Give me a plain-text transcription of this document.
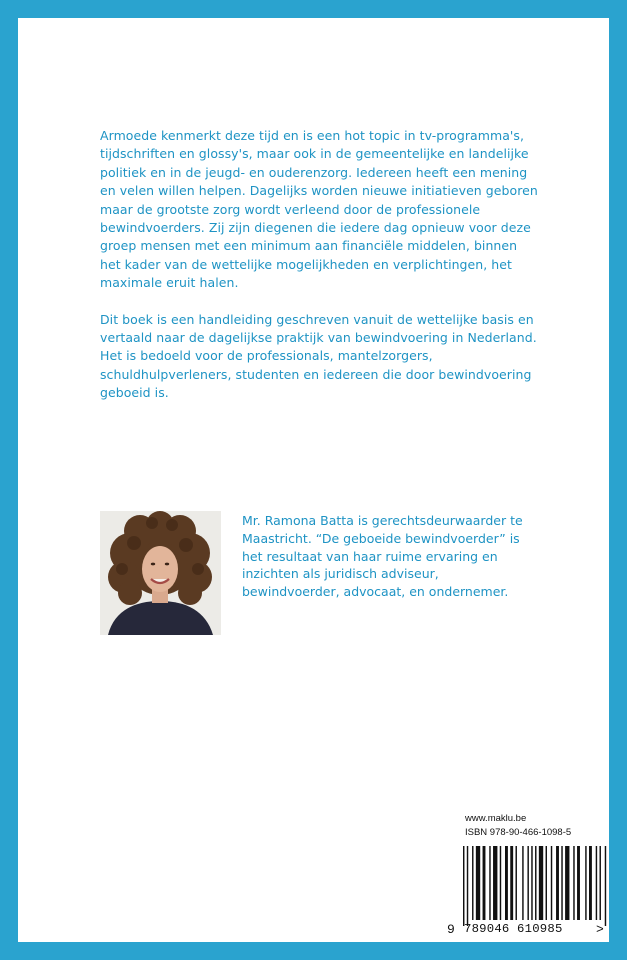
Armoede kenmerkt deze tijd en is een hot topic in tv-programma's, tijdschriften en glossy's, maar ook in de gemeentelijke en landelijke politiek en in de jeugd- en ouderenzorg. Iedereen heeft een mening en velen willen helpen. Dagelijks worden nieuwe initiatieven geboren maar de grootste zorg wordt verleend door de professionele bewindvoerders. Zij zijn diegenen die iedere dag opnieuw voor deze groep mensen met een minimum aan financiële middelen, binnen het kader van de wettelijke mogelijkheden en verplichtingen, het maximale eruit halen.

Dit boek is een handleiding geschreven vanuit de wettelijke basis en vertaald naar de dagelijkse praktijk van bewindvoering in Nederland. Het is bedoeld voor de professionals, mantelzorgers, schuldhulpverleners, studenten en iedereen die door bewindvoering geboeid is.

Mr. Ramona Batta is gerechtsdeurwaarder te Maastricht. “De geboeide bewindvoerder” is het resultaat van haar ruime ervaring en inzichten als juridisch adviseur, bewindvoerder, advocaat, en ondernemer.
www.maklu.be
ISBN 978-90-466-1098-5
9 789046 610985	>
